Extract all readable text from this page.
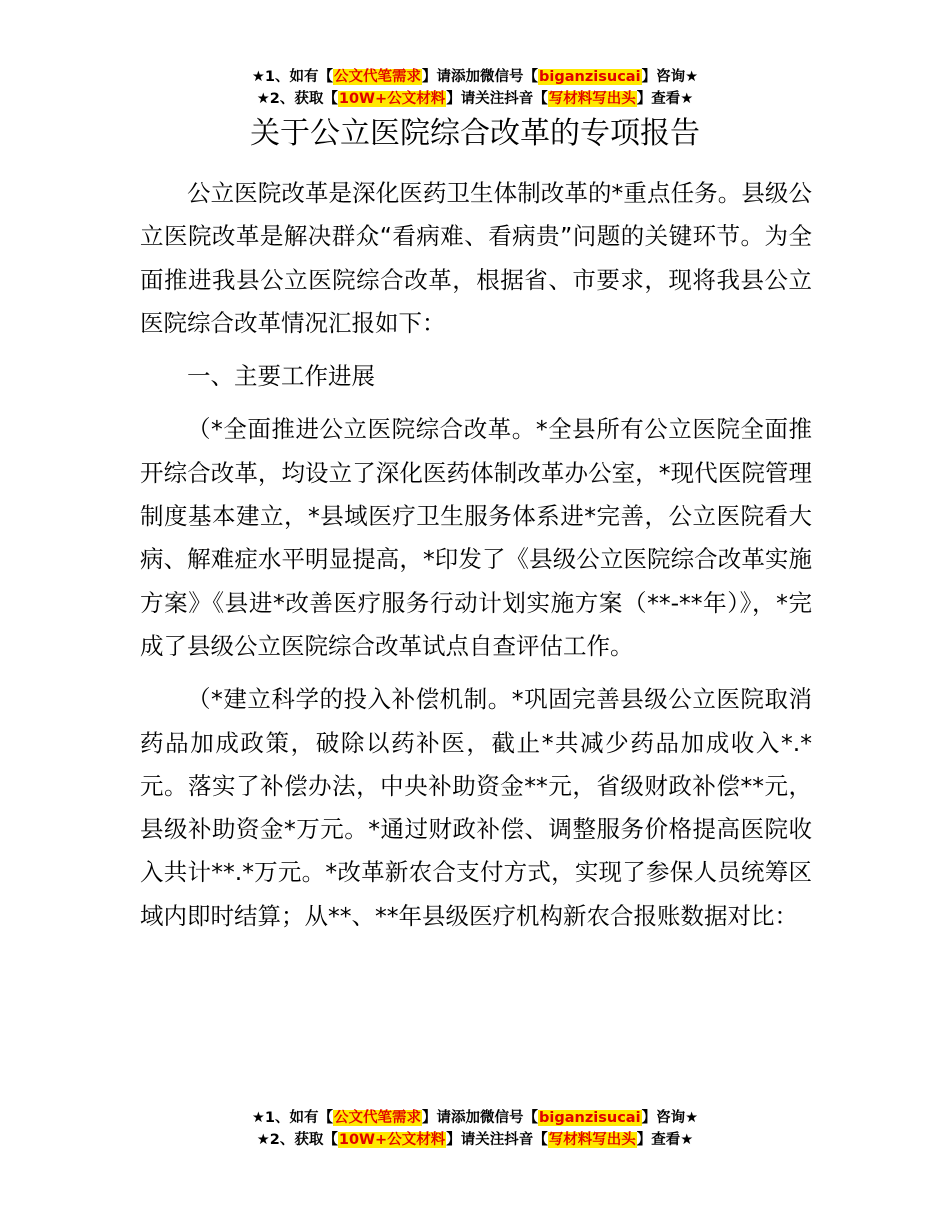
★1、如有【公文代笔需求】请添加微信号【biganzisucai】咨询★
★2、获取【10W+公文材料】请关注抖音【写材料写出头】查看★
关于公立医院综合改革的专项报告

公立医院改革是深化医药卫生体制改革的*重点任务。县级公立医院改革是解决群众“看病难、看病贵”问题的关键环节。为全面推进我县公立医院综合改革，根据省、市要求，现将我县公立医院综合改革情况汇报如下：

一、主要工作进展

（*全面推进公立医院综合改革。*全县所有公立医院全面推开综合改革，均设立了深化医药体制改革办公室，*现代医院管理制度基本建立，*县域医疗卫生服务体系进*完善，公立医院看大病、解难症水平明显提高，*印发了《县级公立医院综合改革实施方案》《县进*改善医疗服务行动计划实施方案（**-**年）》，*完成了县级公立医院综合改革试点自查评估工作。

（*建立科学的投入补偿机制。*巩固完善县级公立医院取消药品加成政策，破除以药补医，截止*共减少药品加成收入*.*元。落实了补偿办法，中央补助资金**元，省级财政补偿**元，县级补助资金*万元。*通过财政补偿、调整服务价格提高医院收入共计**.*万元。*改革新农合支付方式，实现了参保人员统筹区域内即时结算；从**、**年县级医疗机构新农合报账数据对比：

★1、如有【公文代笔需求】请添加微信号【biganzisucai】咨询★
★2、获取【10W+公文材料】请关注抖音【写材料写出头】查看★
